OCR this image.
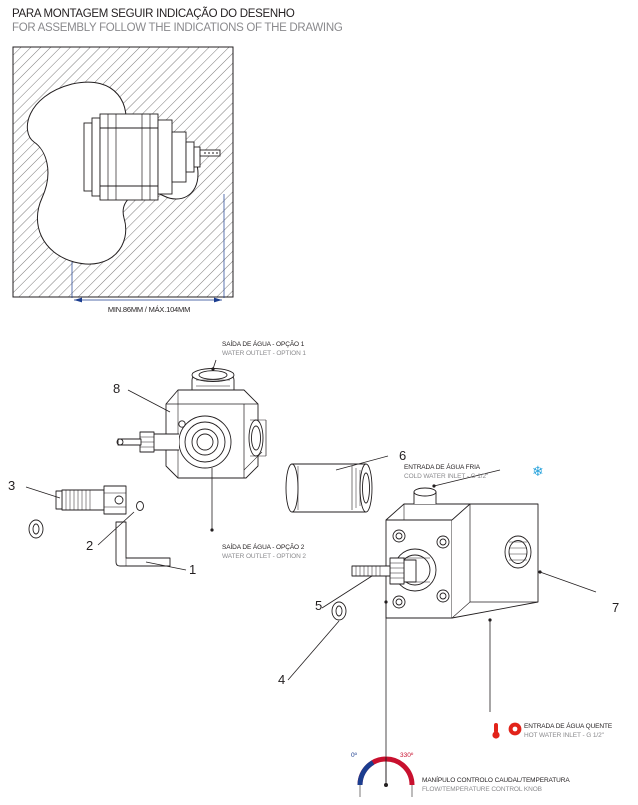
PARA MONTAGEM SEGUIR INDICAÇÃO DO DESENHO
FOR ASSEMBLY FOLLOW THE INDICATIONS OF THE DRAWING
MIN.86MM / MÁX.104MM
8
3
2
1
6
7
5
4
SAÍDA DE ÁGUA - OPÇÃO 1
WATER OUTLET - OPTION 1
SAÍDA DE ÁGUA - OPÇÃO 2
WATER OUTLET - OPTION 2
ENTRADA DE ÁGUA FRIA
COLD WATER INLET - G 1/2"	❄
ENTRADA DE ÁGUA QUENTE
HOT WATER INLET - G 1/2"
0º	330º
MANÍPULO CONTROLO CAUDAL/TEMPERATURA
FLOW/TEMPERATURE CONTROL KNOB
